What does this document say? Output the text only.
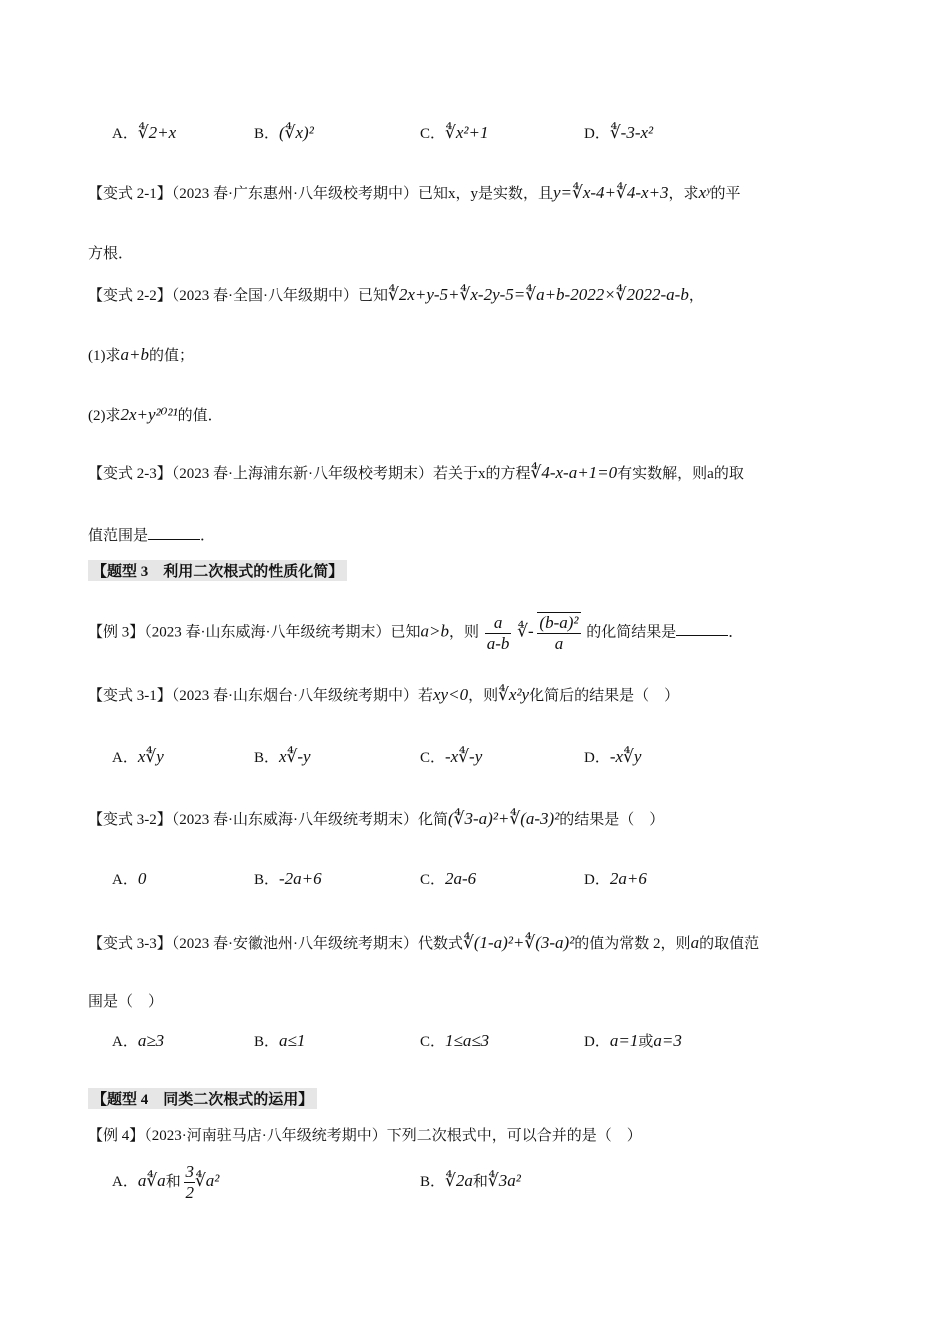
A．∜2+x	B．(∜x)²	C．∜x²+1	D．∜-3-x²
【变式 2-1】（2023 春·广东惠州·八年级校考期中）已知x，y是实数，且y=∜x-4+∜4-x+3，求xʸ的平
方根．
【变式 2-2】（2023 春·全国·八年级期中）已知∜2x+y-5+∜x-2y-5=∜a+b-2022×∜2022-a-b，
(1)求a+b的值；
(2)求2x+y²⁰²¹的值．
【变式 2-3】（2023 春·上海浦东新·八年级校考期末）若关于x的方程∜4-x-a+1=0有实数解，则a的取
值范围是	．
【题型 3　利用二次根式的性质化简】
【例 3】（2023 春·山东威海·八年级统考期末）已知a>b，则 $\frac{a}{a-b}$ ∜- $\frac{\text{(b-a)²}}{a}$ 的化简结果是	．
【变式 3-1】（2023 春·山东烟台·八年级统考期中）若xy<0，则∜x²y化简后的结果是（　）
A．x∜y	B．x∜-y	C．-x∜-y	D．-x∜y
【变式 3-2】（2023 春·山东威海·八年级统考期末）化简(∜3-a)²+∜(a-3)²的结果是（　）
A．0	B．-2a+6	C．2a-6	D．2a+6
【变式 3-3】（2023 春·安徽池州·八年级统考期末）代数式∜(1-a)²+∜(3-a)²的值为常数 2，则a的取值范
围是（　）
A．a≥3	B．a≤1	C．1≤a≤3	D．a=1或a=3
【题型 4　同类二次根式的运用】
【例 4】（2023·河南驻马店·八年级统考期中）下列二次根式中，可以合并的是（　）
A．a∜a和 $\frac{3}{2}$ ∜a²	B．∜2a和∜3a²
